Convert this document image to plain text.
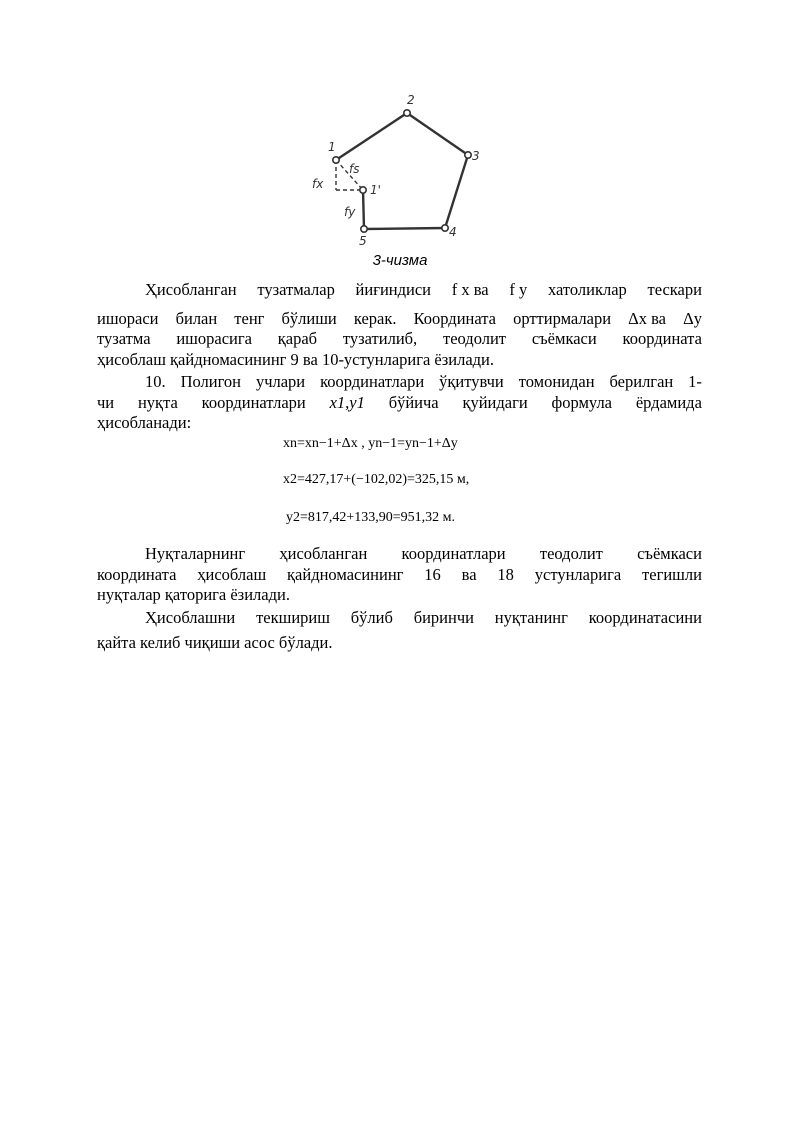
1
2
3
4
5
1'
fs
fx
fy
3-чизма
Ҳисобланган тузатмалар йиғиндиси f x ва f y хатоликлар тескари
ишораси билан тенг бўлиши керак. Координата орттирмалари Δx ва Δy
тузатма ишорасига қараб тузатилиб, теодолит съёмкаси координата
ҳисоблаш қайдномасининг 9 ва 10-устунларига ёзилади.
10. Полигон учлари координатлари ўқитувчи томонидан берилган 1-
чи нуқта координатлари x1,y1 бўйича қуйидаги формула ёрдамида
ҳисобланади:
xn=xn−1+Δx , yn−1=yn−1+Δy
x2=427,17+(−102,02)=325,15 м,
y2=817,42+133,90=951,32 м.
Нуқталарнинг ҳисобланган координатлари теодолит съёмкаси
координата ҳисоблаш қайдномасининг 16 ва 18 устунларига тегишли
нуқталар қаторига ёзилади.
Ҳисоблашни текшириш бўлиб биринчи нуқтанинг координатасини
қайта келиб чиқиши асос бўлади.
